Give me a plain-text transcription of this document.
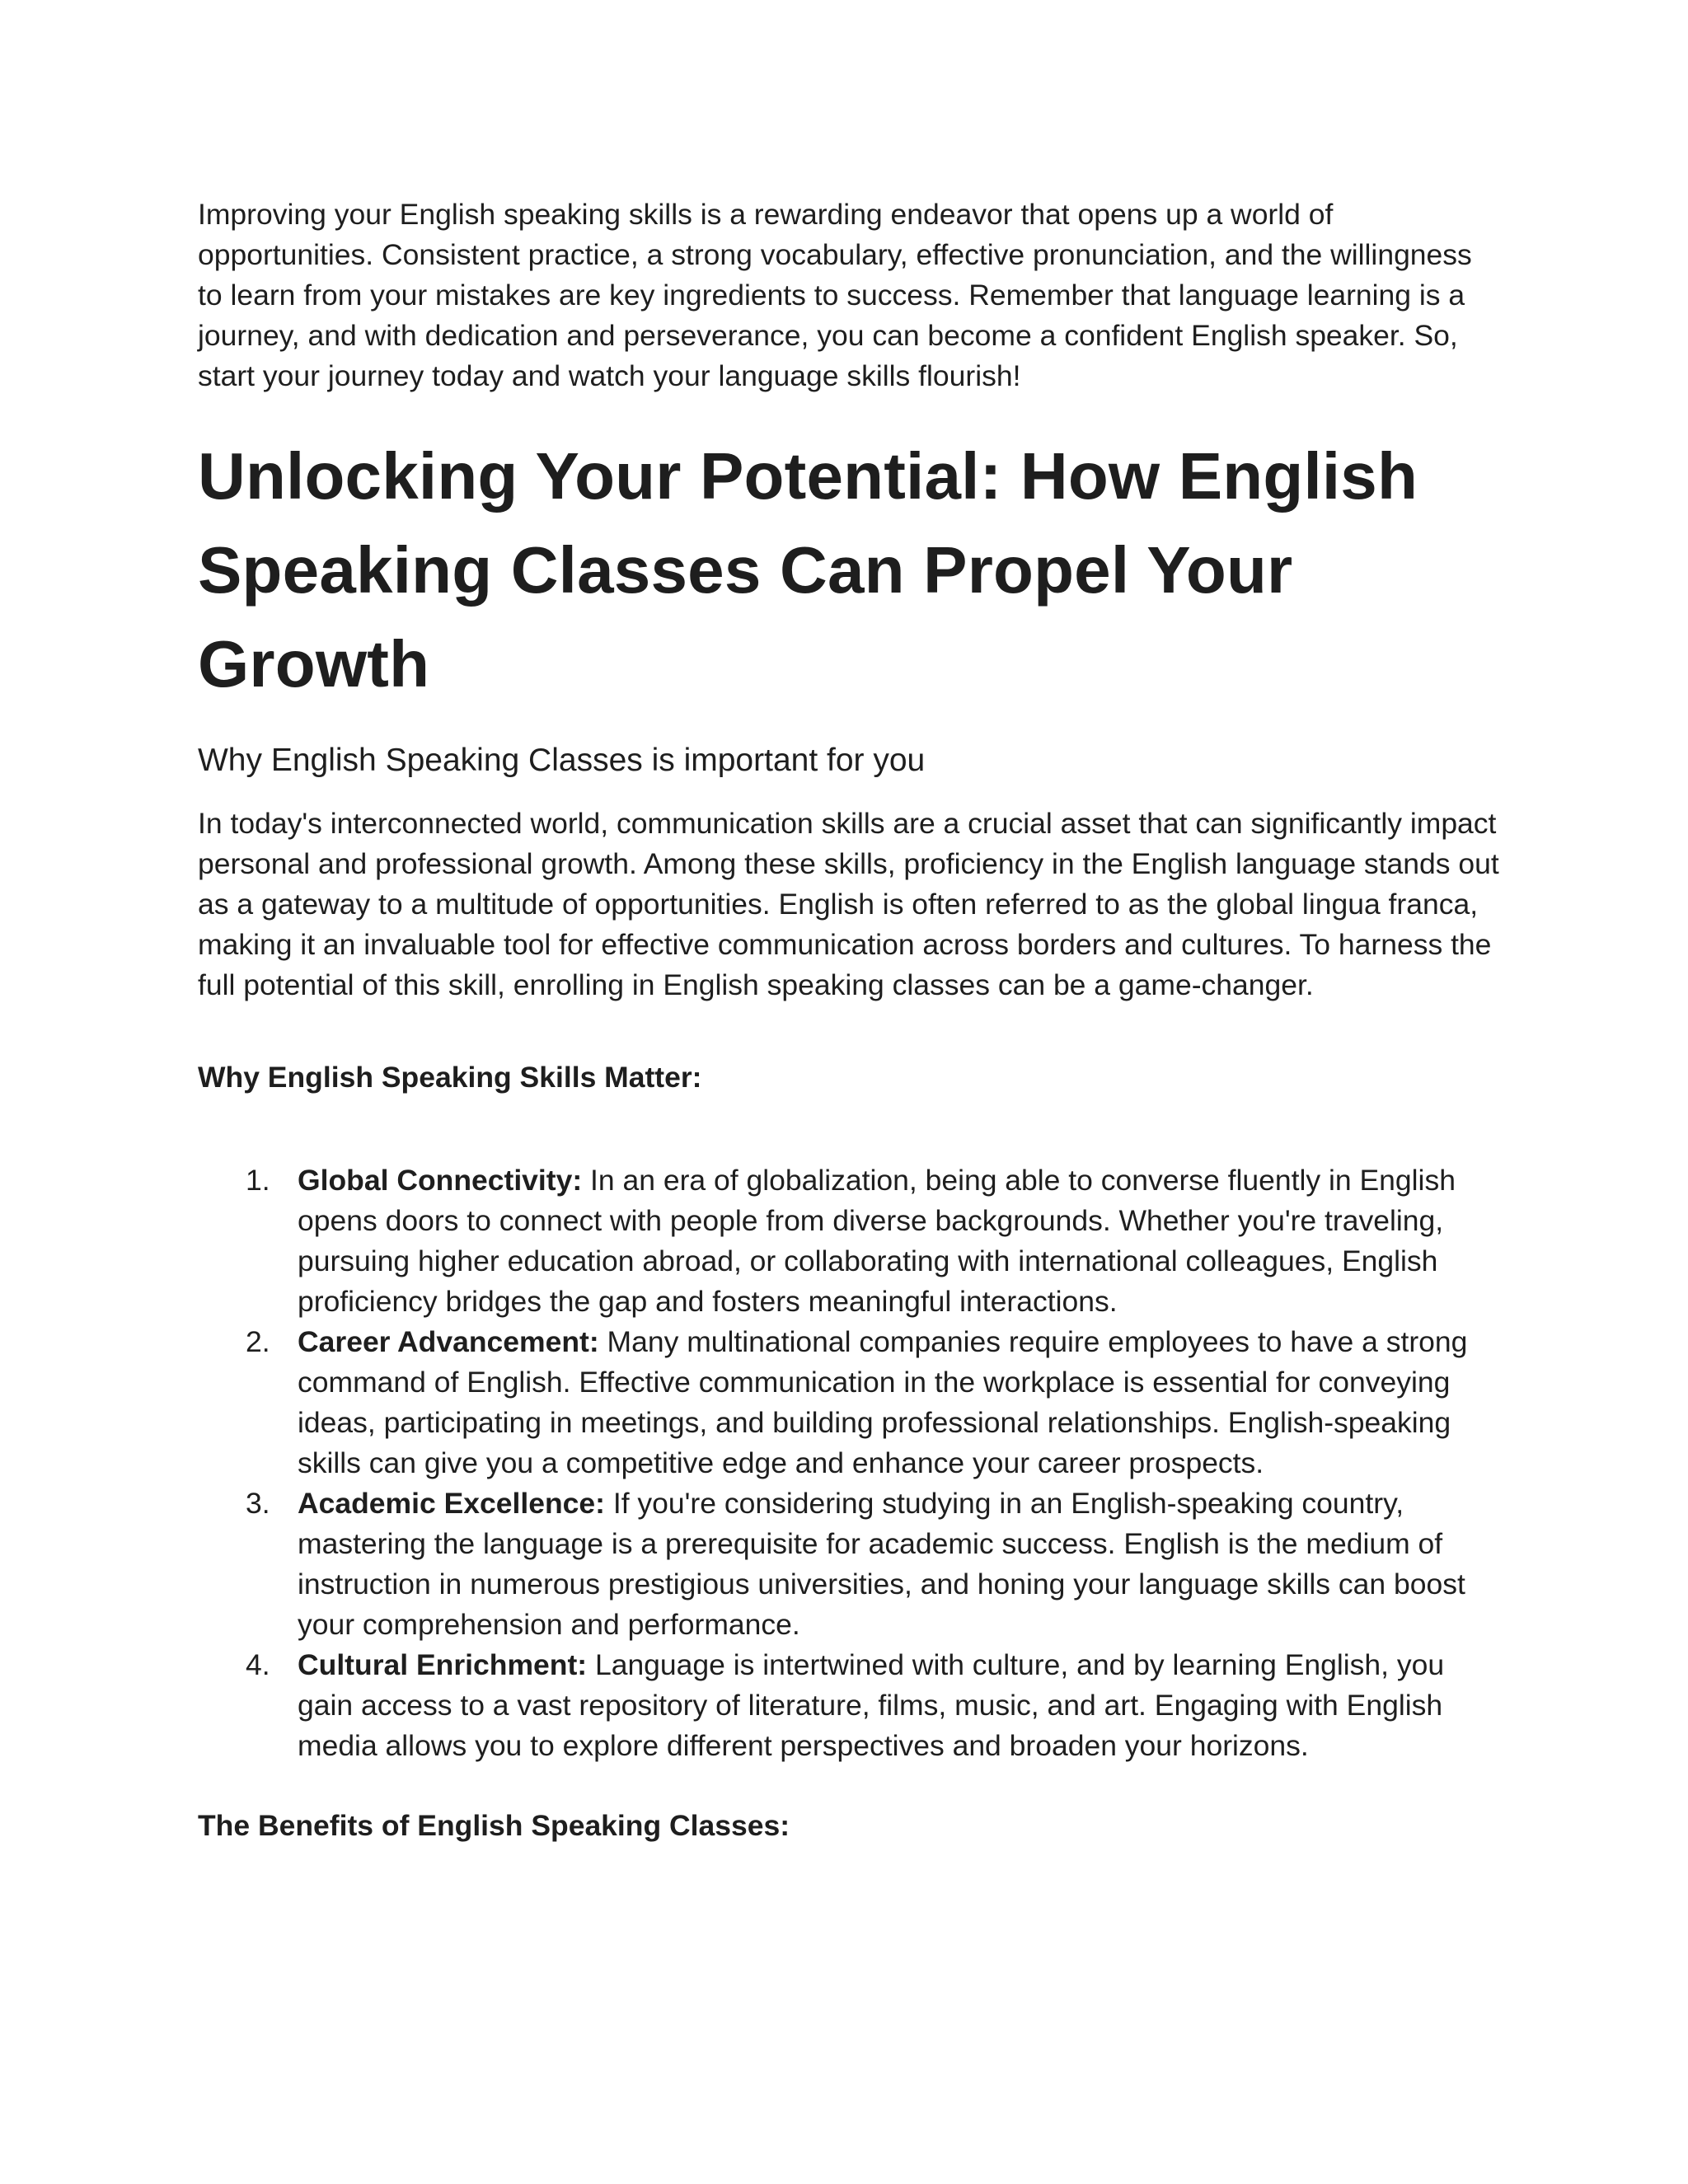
Improving your English speaking skills is a rewarding endeavor that opens up a world of opportunities. Consistent practice, a strong vocabulary, effective pronunciation, and the willingness to learn from your mistakes are key ingredients to success. Remember that language learning is a journey, and with dedication and perseverance, you can become a confident English speaker. So, start your journey today and watch your language skills flourish!

Unlocking Your Potential: How English Speaking Classes Can Propel Your Growth
Why English Speaking Classes is important for you

In today's interconnected world, communication skills are a crucial asset that can significantly impact personal and professional growth. Among these skills, proficiency in the English language stands out as a gateway to a multitude of opportunities. English is often referred to as the global lingua franca, making it an invaluable tool for effective communication across borders and cultures. To harness the full potential of this skill, enrolling in English speaking classes can be a game-changer.

Why English Speaking Skills Matter:
1. Global Connectivity: In an era of globalization, being able to converse fluently in English opens doors to connect with people from diverse backgrounds. Whether you're traveling, pursuing higher education abroad, or collaborating with international colleagues, English proficiency bridges the gap and fosters meaningful interactions.
2. Career Advancement: Many multinational companies require employees to have a strong command of English. Effective communication in the workplace is essential for conveying ideas, participating in meetings, and building professional relationships. English-speaking skills can give you a competitive edge and enhance your career prospects.
3. Academic Excellence: If you're considering studying in an English-speaking country, mastering the language is a prerequisite for academic success. English is the medium of instruction in numerous prestigious universities, and honing your language skills can boost your comprehension and performance.
4. Cultural Enrichment: Language is intertwined with culture, and by learning English, you gain access to a vast repository of literature, films, music, and art. Engaging with English media allows you to explore different perspectives and broaden your horizons.
The Benefits of English Speaking Classes:
